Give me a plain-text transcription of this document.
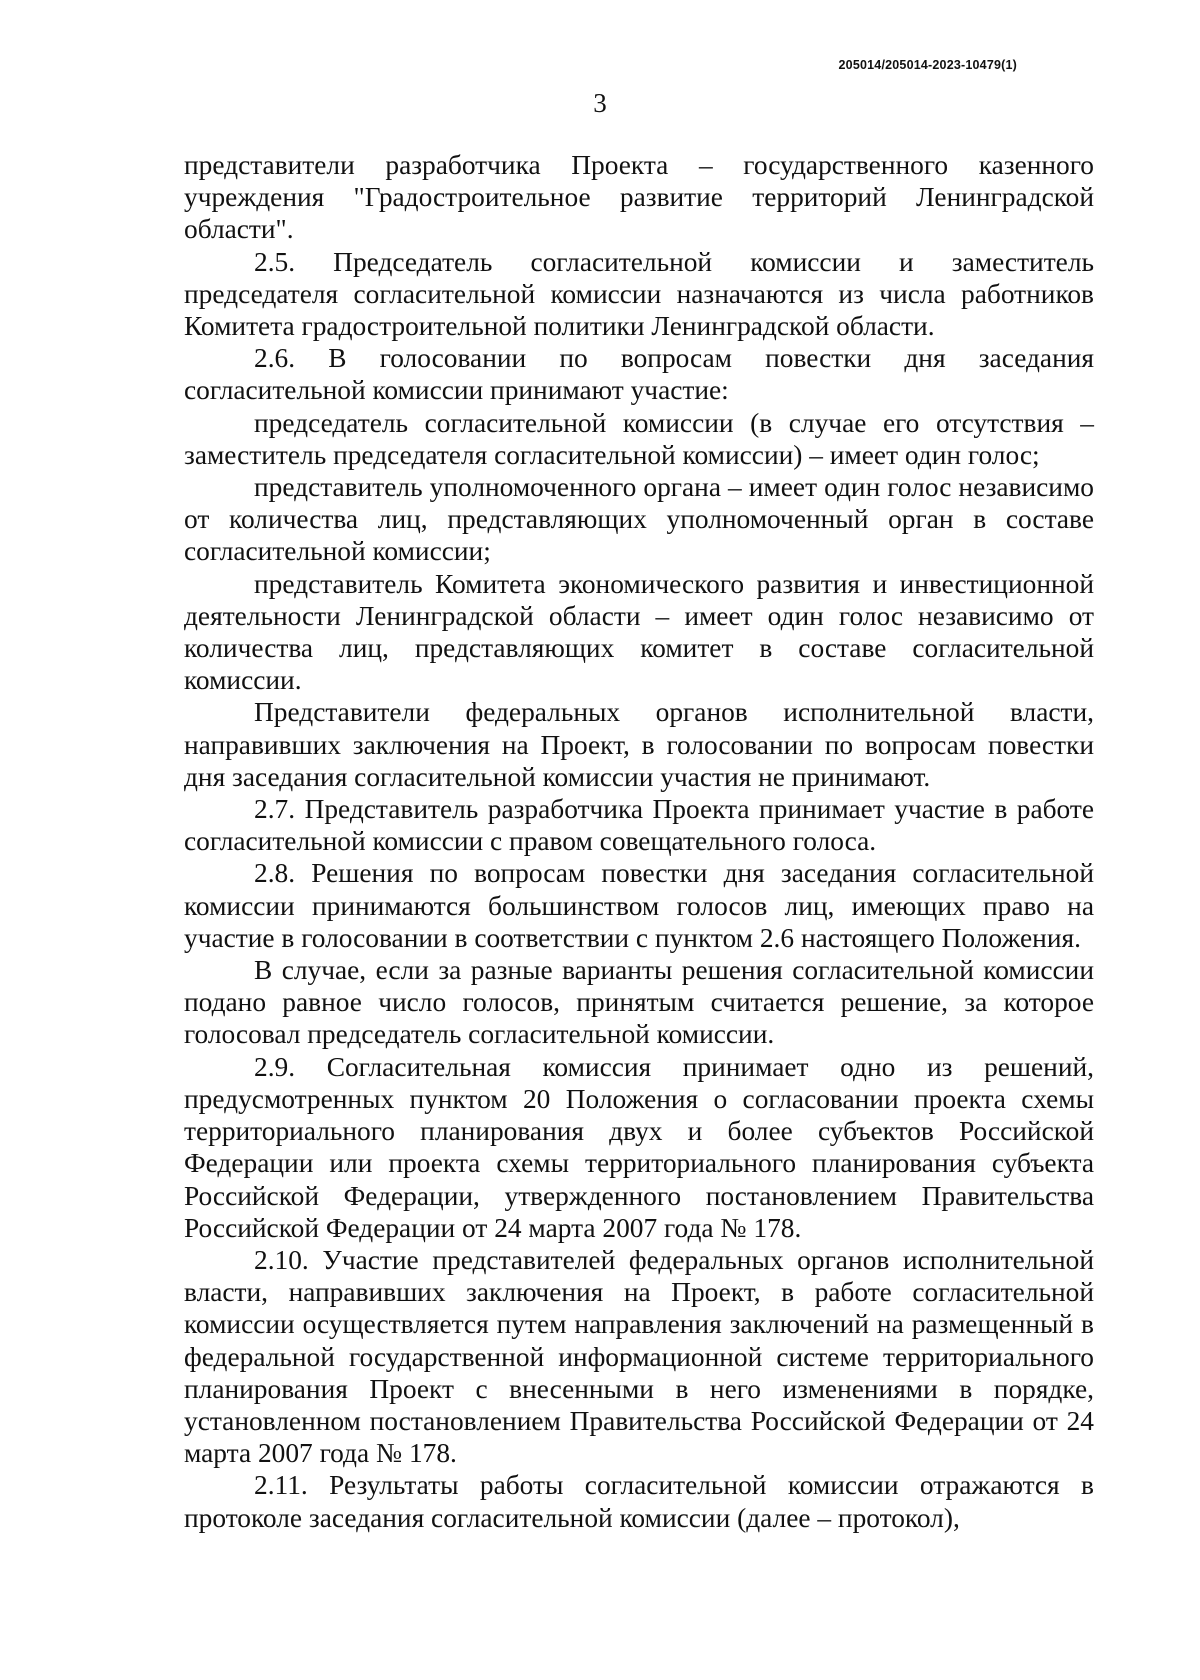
205014/205014-2023-10479(1)
3

представители разработчика Проекта – государственного казенного учреждения "Градостроительное развитие территорий Ленинградской области".

2.5. Председатель согласительной комиссии и заместитель председателя согласительной комиссии назначаются из числа работников Комитета градостроительной политики Ленинградской области.

2.6. В голосовании по вопросам повестки дня заседания согласительной комиссии принимают участие:

председатель согласительной комиссии (в случае его отсутствия – заместитель председателя согласительной комиссии) – имеет один голос;

представитель уполномоченного органа – имеет один голос независимо от количества лиц, представляющих уполномоченный орган в составе согласительной комиссии;

представитель Комитета экономического развития и инвестиционной деятельности Ленинградской области – имеет один голос независимо от количества лиц, представляющих комитет в составе согласительной комиссии.

Представители федеральных органов исполнительной власти, направивших заключения на Проект, в голосовании по вопросам повестки дня заседания согласительной комиссии участия не принимают.

2.7. Представитель разработчика Проекта принимает участие в работе согласительной комиссии с правом совещательного голоса.

2.8. Решения по вопросам повестки дня заседания согласительной комиссии принимаются большинством голосов лиц, имеющих право на участие в голосовании в соответствии с пунктом 2.6 настоящего Положения.

В случае, если за разные варианты решения согласительной комиссии подано равное число голосов, принятым считается решение, за которое голосовал председатель согласительной комиссии.

2.9. Согласительная комиссия принимает одно из решений, предусмотренных пунктом 20 Положения о согласовании проекта схемы территориального планирования двух и более субъектов Российской Федерации или проекта схемы территориального планирования субъекта Российской Федерации, утвержденного постановлением Правительства Российской Федерации от 24 марта 2007 года № 178.

2.10. Участие представителей федеральных органов исполнительной власти, направивших заключения на Проект, в работе согласительной комиссии осуществляется путем направления заключений на размещенный в федеральной государственной информационной системе территориального планирования Проект с внесенными в него изменениями в порядке, установленном постановлением Правительства Российской Федерации от 24 марта 2007 года № 178.

2.11. Результаты работы согласительной комиссии отражаются в протоколе заседания согласительной комиссии (далее – протокол),
